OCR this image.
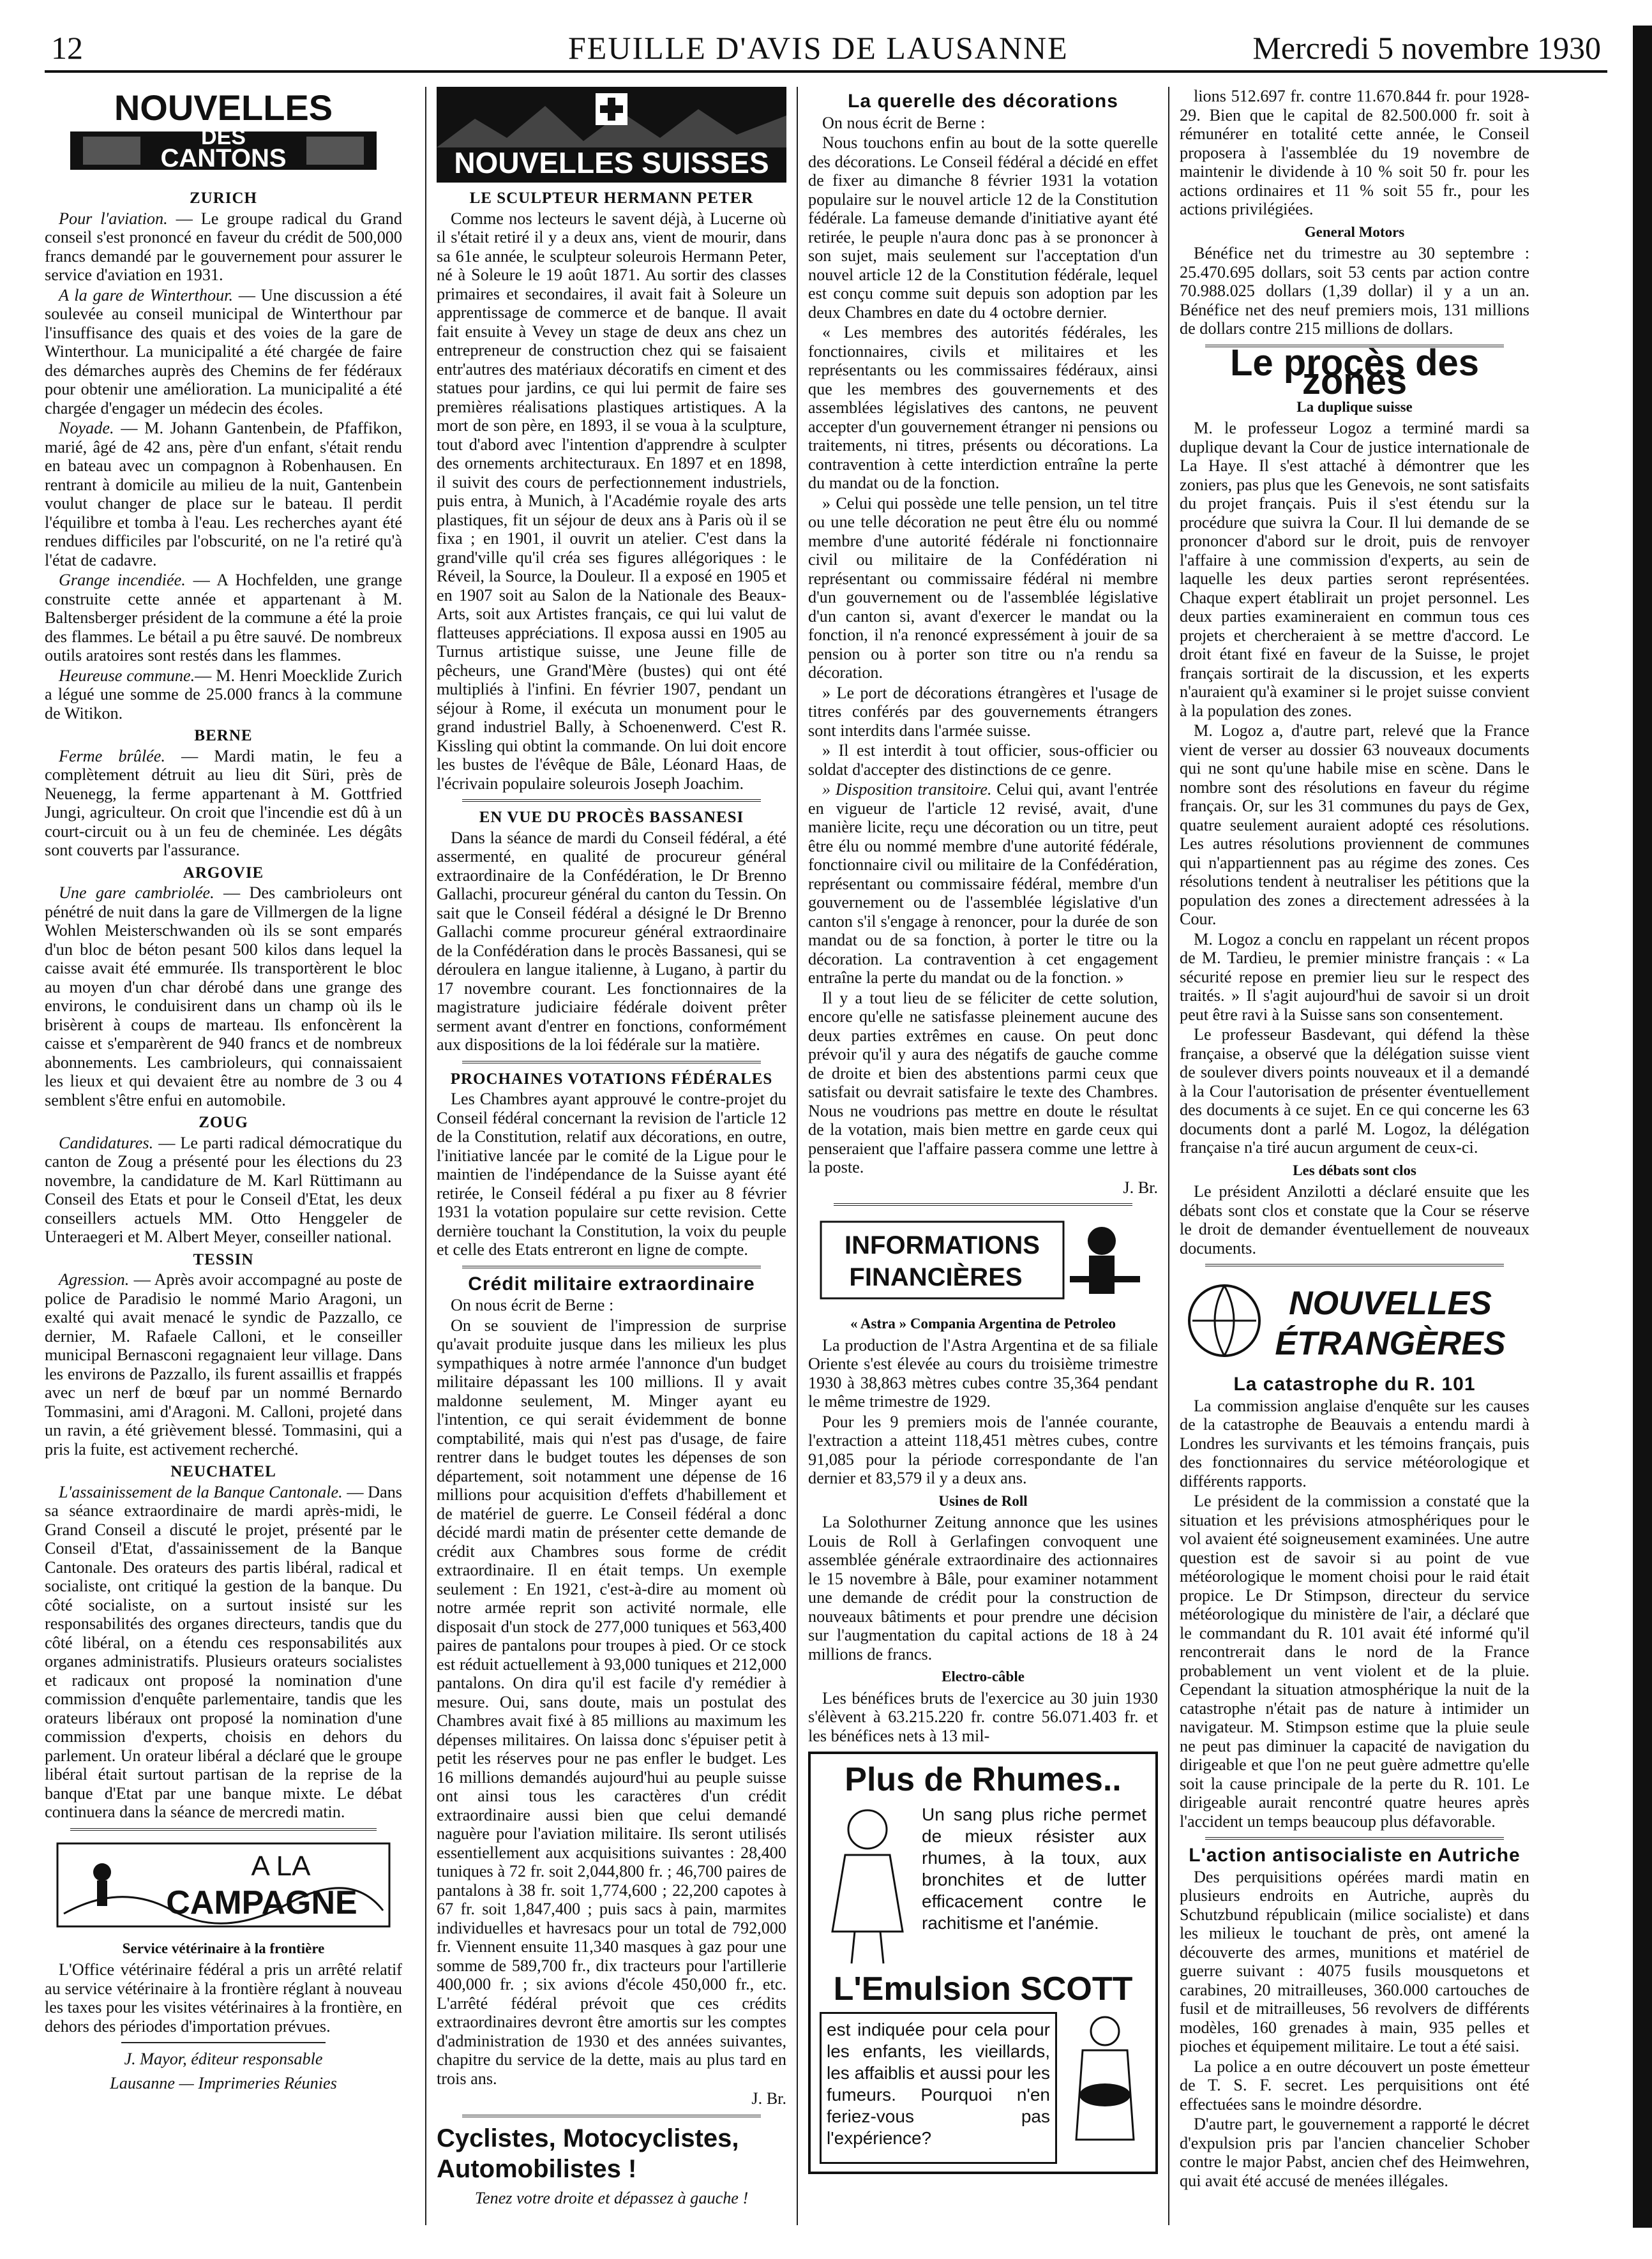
12	FEUILLE D'AVIS DE LAUSANNE	Mercredi 5 novembre 1930
NOUVELLES
DES
CANTONS
ZURICH

Pour l'aviation. — Le groupe radical du Grand conseil s'est prononcé en faveur du crédit de 500,000 francs demandé par le gouvernement pour assurer le service d'aviation en 1931.

A la gare de Winterthour. — Une discussion a été soulevée au conseil municipal de Winterthour par l'insuffisance des quais et des voies de la gare de Winterthour. La municipalité a été chargée de faire des démarches auprès des Chemins de fer fédéraux pour obtenir une amélioration. La municipalité a été chargée d'engager un médecin des écoles.

Noyade. — M. Johann Gantenbein, de Pfaffikon, marié, âgé de 42 ans, père d'un enfant, s'était rendu en bateau avec un compagnon à Robenhausen. En rentrant à domicile au milieu de la nuit, Gantenbein voulut changer de place sur le bateau. Il perdit l'équilibre et tomba à l'eau. Les recherches ayant été rendues difficiles par l'obscurité, on ne l'a retiré qu'à l'état de cadavre.

Grange incendiée. — A Hochfelden, une grange construite cette année et appartenant à M. Baltensberger président de la commune a été la proie des flammes. Le bétail a pu être sauvé. De nombreux outils aratoires sont restés dans les flammes.

Heureuse commune.— M. Henri Moecklide Zurich a légué une somme de 25.000 francs à la commune de Witikon.

BERNE

Ferme brûlée. — Mardi matin, le feu a complètement détruit au lieu dit Süri, près de Neuenegg, la ferme appartenant à M. Gottfried Jungi, agriculteur. On croit que l'incendie est dû à un court-circuit ou à un feu de cheminée. Les dégâts sont couverts par l'assurance.

ARGOVIE

Une gare cambriolée. — Des cambrioleurs ont pénétré de nuit dans la gare de Villmergen de la ligne Wohlen Meisterschwanden où ils se sont emparés d'un bloc de béton pesant 500 kilos dans lequel la caisse avait été emmurée. Ils transportèrent le bloc au moyen d'un char dérobé dans une grange des environs, le conduisirent dans un champ où ils le brisèrent à coups de marteau. Ils enfoncèrent la caisse et s'emparèrent de 940 francs et de nombreux abonnements. Les cambrioleurs, qui connaissaient les lieux et qui devaient être au nombre de 3 ou 4 semblent s'être enfui en automobile.

ZOUG

Candidatures. — Le parti radical démocratique du canton de Zoug a présenté pour les élections du 23 novembre, la candidature de M. Karl Rüttimann au Conseil des Etats et pour le Conseil d'Etat, les deux conseillers actuels MM. Otto Henggeler de Unteraegeri et M. Albert Meyer, conseiller national.

TESSIN

Agression. — Après avoir accompagné au poste de police de Paradisio le nommé Mario Aragoni, un exalté qui avait menacé le syndic de Pazzallo, ce dernier, M. Rafaele Calloni, et le conseiller municipal Bernasconi regagnaient leur village. Dans les environs de Pazzallo, ils furent assaillis et frappés avec un nerf de bœuf par un nommé Bernardo Tommasini, ami d'Aragoni. M. Calloni, projeté dans un ravin, a été grièvement blessé. Tommasini, qui a pris la fuite, est activement recherché.

NEUCHATEL

L'assainissement de la Banque Cantonale. — Dans sa séance extraordinaire de mardi après-midi, le Grand Conseil a discuté le projet, présenté par le Conseil d'Etat, d'assainissement de la Banque Cantonale. Des orateurs des partis libéral, radical et socialiste, ont critiqué la gestion de la banque. Du côté socialiste, on a surtout insisté sur les responsabilités des organes directeurs, tandis que du côté libéral, on a étendu ces responsabilités aux organes administratifs. Plusieurs orateurs socialistes et radicaux ont proposé la nomination d'une commission d'enquête parlementaire, tandis que les orateurs libéraux ont proposé la nomination d'une commission d'experts, choisis en dehors du parlement. Un orateur libéral a déclaré que le groupe libéral était surtout partisan de la reprise de la banque d'Etat par une banque mixte. Le débat continuera dans la séance de mercredi matin.

A LA
CAMPAGNE
Service vétérinaire à la frontière

L'Office vétérinaire fédéral a pris un arrêté relatif au service vétérinaire à la frontière réglant à nouveau les taxes pour les visites vétérinaires à la frontière, en dehors des périodes d'importation prévues.

J. Mayor, éditeur responsable

Lausanne — Imprimeries Réunies

NOUVELLES SUISSES
LE SCULPTEUR HERMANN PETER

Comme nos lecteurs le savent déjà, à Lucerne où il s'était retiré il y a deux ans, vient de mourir, dans sa 61e année, le sculpteur soleurois Hermann Peter, né à Soleure le 19 août 1871. Au sortir des classes primaires et secondaires, il avait fait à Soleure un apprentissage de commerce et de banque. Il avait fait ensuite à Vevey un stage de deux ans chez un entrepreneur de construction chez qui se faisaient entr'autres des matériaux décoratifs en ciment et des statues pour jardins, ce qui lui permit de faire ses premières réalisations plastiques artistiques. A la mort de son père, en 1893, il se voua à la sculpture, tout d'abord avec l'intention d'apprendre à sculpter des ornements architecturaux. En 1897 et en 1898, il suivit des cours de perfectionnement industriels, puis entra, à Munich, à l'Académie royale des arts plastiques, fit un séjour de deux ans à Paris où il se fixa ; en 1901, il ouvrit un atelier. C'est dans la grand'ville qu'il créa ses figures allégoriques : le Réveil, la Source, la Douleur. Il a exposé en 1905 et en 1907 soit au Salon de la Nationale des Beaux-Arts, soit aux Artistes français, ce qui lui valut de flatteuses appréciations. Il exposa aussi en 1905 au Turnus artistique suisse, une Jeune fille de pêcheurs, une Grand'Mère (bustes) qui ont été multipliés à l'infini. En février 1907, pendant un séjour à Rome, il exécuta un monument pour le grand industriel Bally, à Schoenenwerd. C'est R. Kissling qui obtint la commande. On lui doit encore les bustes de l'évêque de Bâle, Léonard Haas, de l'écrivain populaire soleurois Joseph Joachim.

EN VUE DU PROCÈS BASSANESI

Dans la séance de mardi du Conseil fédéral, a été assermenté, en qualité de procureur général extraordinaire de la Confédération, le Dr Brenno Gallachi, procureur général du canton du Tessin. On sait que le Conseil fédéral a désigné le Dr Brenno Gallachi comme procureur général extraordinaire de la Confédération dans le procès Bassanesi, qui se déroulera en langue italienne, à Lugano, à partir du 17 novembre courant. Les fonctionnaires de la magistrature judiciaire fédérale doivent prêter serment avant d'entrer en fonctions, conformément aux dispositions de la loi fédérale sur la matière.

PROCHAINES VOTATIONS FÉDÉRALES

Les Chambres ayant approuvé le contre-projet du Conseil fédéral concernant la revision de l'article 12 de la Constitution, relatif aux décorations, en outre, l'initiative lancée par le comité de la Ligue pour le maintien de l'indépendance de la Suisse ayant été retirée, le Conseil fédéral a pu fixer au 8 février 1931 la votation populaire sur cette revision. Cette dernière touchant la Constitution, la voix du peuple et celle des Etats entreront en ligne de compte.

Crédit militaire extraordinaire

On nous écrit de Berne :

On se souvient de l'impression de surprise qu'avait produite jusque dans les milieux les plus sympathiques à notre armée l'annonce d'un budget militaire dépassant les 100 millions. Il y avait maldonne seulement, M. Minger ayant eu l'intention, ce qui serait évidemment de bonne comptabilité, mais qui n'est pas d'usage, de faire rentrer dans le budget toutes les dépenses de son département, soit notamment une dépense de 16 millions pour acquisition d'effets d'habillement et de matériel de guerre. Le Conseil fédéral a donc décidé mardi matin de présenter cette demande de crédit aux Chambres sous forme de crédit extraordinaire. Il en était temps. Un exemple seulement : En 1921, c'est-à-dire au moment où notre armée reprit son activité normale, elle disposait d'un stock de 277,000 tuniques et 563,400 paires de pantalons pour troupes à pied. Or ce stock est réduit actuellement à 93,000 tuniques et 212,000 pantalons. On dira qu'il est facile d'y remédier à mesure. Oui, sans doute, mais un postulat des Chambres avait fixé à 85 millions au maximum les dépenses militaires. On laissa donc s'épuiser petit à petit les réserves pour ne pas enfler le budget. Les 16 millions demandés aujourd'hui au peuple suisse ont ainsi tous les caractères d'un crédit extraordinaire aussi bien que celui demandé naguère pour l'aviation militaire. Ils seront utilisés essentiellement aux acquisitions suivantes : 28,400 tuniques à 72 fr. soit 2,044,800 fr. ; 46,700 paires de pantalons à 38 fr. soit 1,774,600 ; 22,200 capotes à 67 fr. soit 1,847,400 ; puis sacs à pain, marmites individuelles et havresacs pour un total de 792,000 fr. Viennent ensuite 11,340 masques à gaz pour une somme de 589,700 fr., dix tracteurs pour l'artillerie 400,000 fr. ; six avions d'école 450,000 fr., etc. L'arrêté fédéral prévoit que ces crédits extraordinaires devront être amortis sur les comptes d'administration de 1930 et des années suivantes, chapitre du service de la dette, mais au plus tard en trois ans.

J. Br.

Cyclistes, Motocyclistes,

Automobilistes !

Tenez votre droite et dépassez à gauche !

La querelle des décorations

On nous écrit de Berne :

Nous touchons enfin au bout de la sotte querelle des décorations. Le Conseil fédéral a décidé en effet de fixer au dimanche 8 février 1931 la votation populaire sur le nouvel article 12 de la Constitution fédérale. La fameuse demande d'initiative ayant été retirée, le peuple n'aura donc pas à se prononcer à son sujet, mais seulement sur l'acceptation d'un nouvel article 12 de la Constitution fédérale, lequel est conçu comme suit depuis son adoption par les deux Chambres en date du 4 octobre dernier.

« Les membres des autorités fédérales, les fonctionnaires, civils et militaires et les représentants ou les commissaires fédéraux, ainsi que les membres des gouvernements et des assemblées législatives des cantons, ne peuvent accepter d'un gouvernement étranger ni pensions ou traitements, ni titres, présents ou décorations. La contravention à cette interdiction entraîne la perte du mandat ou de la fonction.

» Celui qui possède une telle pension, un tel titre ou une telle décoration ne peut être élu ou nommé membre d'une autorité fédérale ni fonctionnaire civil ou militaire de la Confédération ni représentant ou commissaire fédéral ni membre d'un gouvernement ou de l'assemblée législative d'un canton si, avant d'exercer le mandat ou la fonction, il n'a renoncé expressément à jouir de sa pension ou à porter son titre ou n'a rendu sa décoration.

» Le port de décorations étrangères et l'usage de titres conférés par des gouvernements étrangers sont interdits dans l'armée suisse.

» Il est interdit à tout officier, sous-officier ou soldat d'accepter des distinctions de ce genre.

» Disposition transitoire. Celui qui, avant l'entrée en vigueur de l'article 12 revisé, avait, d'une manière licite, reçu une décoration ou un titre, peut être élu ou nommé membre d'une autorité fédérale, fonctionnaire civil ou militaire de la Confédération, représentant ou commissaire fédéral, membre d'un gouvernement ou de l'assemblée législative d'un canton s'il s'engage à renoncer, pour la durée de son mandat ou de sa fonction, à porter le titre ou la décoration. La contravention à cet engagement entraîne la perte du mandat ou de la fonction. »

Il y a tout lieu de se féliciter de cette solution, encore qu'elle ne satisfasse pleinement aucune des deux parties extrêmes en cause. On peut donc prévoir qu'il y aura des négatifs de gauche comme de droite et bien des abstentions parmi ceux que satisfait ou devrait satisfaire le texte des Chambres. Nous ne voudrions pas mettre en doute le résultat de la votation, mais bien mettre en garde ceux qui penseraient que l'affaire passera comme une lettre à la poste.

J. Br.

INFORMATIONS
FINANCIÈRES

« Astra » Compania Argentina de Petroleo

La production de l'Astra Argentina et de sa filiale Oriente s'est élevée au cours du troisième trimestre 1930 à 38,863 mètres cubes contre 35,364 pendant le même trimestre de 1929.

Pour les 9 premiers mois de l'année courante, l'extraction a atteint 118,451 mètres cubes, contre 91,085 pour la période correspondante de l'an dernier et 83,579 il y a deux ans.

Usines de Roll

La Solothurner Zeitung annonce que les usines Louis de Roll à Gerlafingen convoquent une assemblée générale extraordinaire des actionnaires le 15 novembre à Bâle, pour examiner notamment une demande de crédit pour la construction de nouveaux bâtiments et pour prendre une décision sur l'augmentation du capital actions de 18 à 24 millions de francs.

Electro-câble

Les bénéfices bruts de l'exercice au 30 juin 1930 s'élèvent à 63.215.220 fr. contre 56.071.403 fr. et les bénéfices nets à 13 mil-

Plus de Rhumes..

Un sang plus riche permet de mieux résister aux rhumes, à la toux, aux bronchites et de lutter efficacement contre le rachitisme et l'anémie.

L'Emulsion SCOTT

est indiquée pour cela pour les enfants, les vieillards, les affaiblis et aussi pour les fumeurs. Pourquoi n'en feriez-vous pas l'expérience?

lions 512.697 fr. contre 11.670.844 fr. pour 1928-29. Bien que le capital de 82.500.000 fr. soit à rémunérer en totalité cette année, le Conseil proposera à l'assemblée du 19 novembre de maintenir le dividende à 10 % soit 50 fr. pour les actions ordinaires et 11 % soit 55 fr., pour les actions privilégiées.

General Motors

Bénéfice net du trimestre au 30 septembre : 25.470.695 dollars, soit 53 cents par action contre 70.988.025 dollars (1,39 dollar) il y a un an. Bénéfice net des neuf premiers mois, 131 millions de dollars contre 215 millions de dollars.

Le procès des zones

La duplique suisse

M. le professeur Logoz a terminé mardi sa duplique devant la Cour de justice internationale de La Haye. Il s'est attaché à démontrer que les zoniers, pas plus que les Genevois, ne sont satisfaits du projet français. Puis il s'est étendu sur la procédure que suivra la Cour. Il lui demande de se prononcer d'abord sur le droit, puis de renvoyer l'affaire à une commission d'experts, au sein de laquelle les deux parties seront représentées. Chaque expert établirait un projet personnel. Les deux parties examineraient en commun tous ces projets et chercheraient à se mettre d'accord. Le droit étant fixé en faveur de la Suisse, le projet français sortirait de la discussion, et les experts n'auraient qu'à examiner si le projet suisse convient à la population des zones.

M. Logoz a, d'autre part, relevé que la France vient de verser au dossier 63 nouveaux documents qui ne sont qu'une habile mise en scène. Dans le nombre sont des résolutions en faveur du régime français. Or, sur les 31 communes du pays de Gex, quatre seulement auraient adopté ces résolutions. Les autres résolutions proviennent de communes qui n'appartiennent pas au régime des zones. Ces résolutions tendent à neutraliser les pétitions que la population des zones a directement adressées à la Cour.

M. Logoz a conclu en rappelant un récent propos de M. Tardieu, le premier ministre français : « La sécurité repose en premier lieu sur le respect des traités. » Il s'agit aujourd'hui de savoir si un droit peut être ravi à la Suisse sans son consentement.

Le professeur Basdevant, qui défend la thèse française, a observé que la délégation suisse vient de soulever divers points nouveaux et il a demandé à la Cour l'autorisation de présenter éventuellement des documents à ce sujet. En ce qui concerne les 63 documents dont a parlé M. Logoz, la délégation française n'a tiré aucun argument de ceux-ci.

Les débats sont clos

Le président Anzilotti a déclaré ensuite que les débats sont clos et constate que la Cour se réserve le droit de demander éventuellement de nouveaux documents.

NOUVELLES
ÉTRANGÈRES
La catastrophe du R. 101

La commission anglaise d'enquête sur les causes de la catastrophe de Beauvais a entendu mardi à Londres les survivants et les témoins français, puis des fonctionnaires du service météorologique et différents rapports.

Le président de la commission a constaté que la situation et les prévisions atmosphériques pour le vol avaient été soigneusement examinées. Une autre question est de savoir si au point de vue météorologique le moment choisi pour le raid était propice. Le Dr Stimpson, directeur du service météorologique du ministère de l'air, a déclaré que le commandant du R. 101 avait été informé qu'il rencontrerait dans le nord de la France probablement un vent violent et de la pluie. Cependant la situation atmosphérique la nuit de la catastrophe n'était pas de nature à intimider un navigateur. M. Stimpson estime que la pluie seule ne peut pas diminuer la capacité de navigation du dirigeable et que l'on ne peut guère admettre qu'elle soit la cause principale de la perte du R. 101. Le dirigeable aurait rencontré quatre heures après l'accident un temps beaucoup plus défavorable.

L'action antisocialiste en Autriche

Des perquisitions opérées mardi matin en plusieurs endroits en Autriche, auprès du Schutzbund républicain (milice socialiste) et dans les milieux le touchant de près, ont amené la découverte des armes, munitions et matériel de guerre suivant : 4075 fusils mousquetons et carabines, 20 mitrailleuses, 360.000 cartouches de fusil et de mitrailleuses, 56 revolvers de différents modèles, 160 grenades à main, 935 pelles et pioches et équipement militaire. Le tout a été saisi.

La police a en outre découvert un poste émetteur de T. S. F. secret. Les perquisitions ont été effectuées sans le moindre désordre.

D'autre part, le gouvernement a rapporté le décret d'expulsion pris par l'ancien chancelier Schober contre le major Pabst, ancien chef des Heimwehren, qui avait été accusé de menées illégales.
